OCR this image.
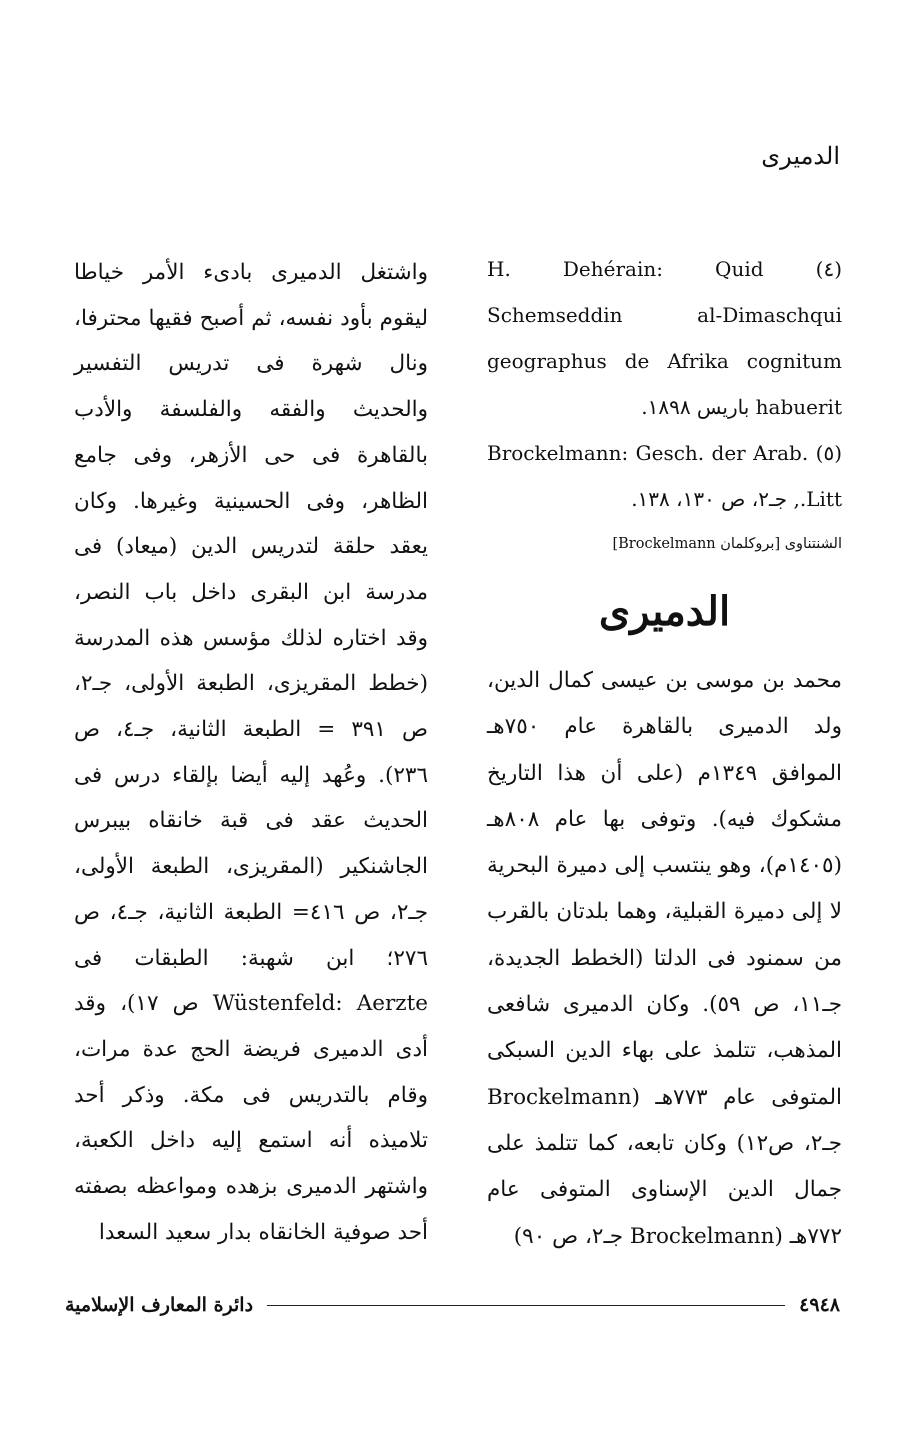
الدميرى

(٤) H. Dehérain: Quid Schemseddin al-Dimaschqui geographus de Afrika cognitum habuerit باريس ١٨٩٨.

(٥) Brockelmann: Gesch. der Arab. Litt., جـ٢، ص ١٣٠، ١٣٨.

الشنتناوى [بروكلمان Brockelmann]

الدميرى

محمد بن موسى بن عيسى كمال الدين، ولد الدميرى بالقاهرة عام ٧٥٠هـ الموافق ١٣٤٩م (على أن هذا التاريخ مشكوك فيه). وتوفى بها عام ٨٠٨هـ (١٤٠٥م)، وهو ينتسب إلى دميرة البحرية لا إلى دميرة القبلية، وهما بلدتان بالقرب من سمنود فى الدلتا (الخطط الجديدة، جـ١١، ص ٥٩). وكان الدميرى شافعى المذهب، تتلمذ على بهاء الدين السبكى المتوفى عام ٧٧٣هـ (Brockelmann جـ٢، ص١٢) وكان تابعه، كما تتلمذ على جمال الدين الإسناوى المتوفى عام ٧٧٢هـ (Brockelmann جـ٢، ص ٩٠)

واشتغل الدميرى بادىء الأمر خياطا ليقوم بأود نفسه، ثم أصبح فقيها محترفا، ونال شهرة فى تدريس التفسير والحديث والفقه والفلسفة والأدب بالقاهرة فى حى الأزهر، وفى جامع الظاهر، وفى الحسينية وغيرها. وكان يعقد حلقة لتدريس الدين (ميعاد) فى مدرسة ابن البقرى داخل باب النصر، وقد اختاره لذلك مؤسس هذه المدرسة (خطط المقريزى، الطبعة الأولى، جـ٢، ص ٣٩١ = الطبعة الثانية، جـ٤، ص ٢٣٦). وعُهد إليه أيضا بإلقاء درس فى الحديث عقد فى قبة خانقاه بيبرس الجاشنكير (المقريزى، الطبعة الأولى، جـ٢، ص ٤١٦= الطبعة الثانية، جـ٤، ص ٢٧٦؛ ابن شهبة: الطبقات فى Wüstenfeld: Aerzte ص ١٧)، وقد أدى الدميرى فريضة الحج عدة مرات، وقام بالتدريس فى مكة. وذكر أحد تلاميذه أنه استمع إليه داخل الكعبة، واشتهر الدميرى بزهده ومواعظه بصفته أحد صوفية الخانقاه بدار سعيد السعدا

٤٩٤٨
دائرة المعارف الإسلامية
